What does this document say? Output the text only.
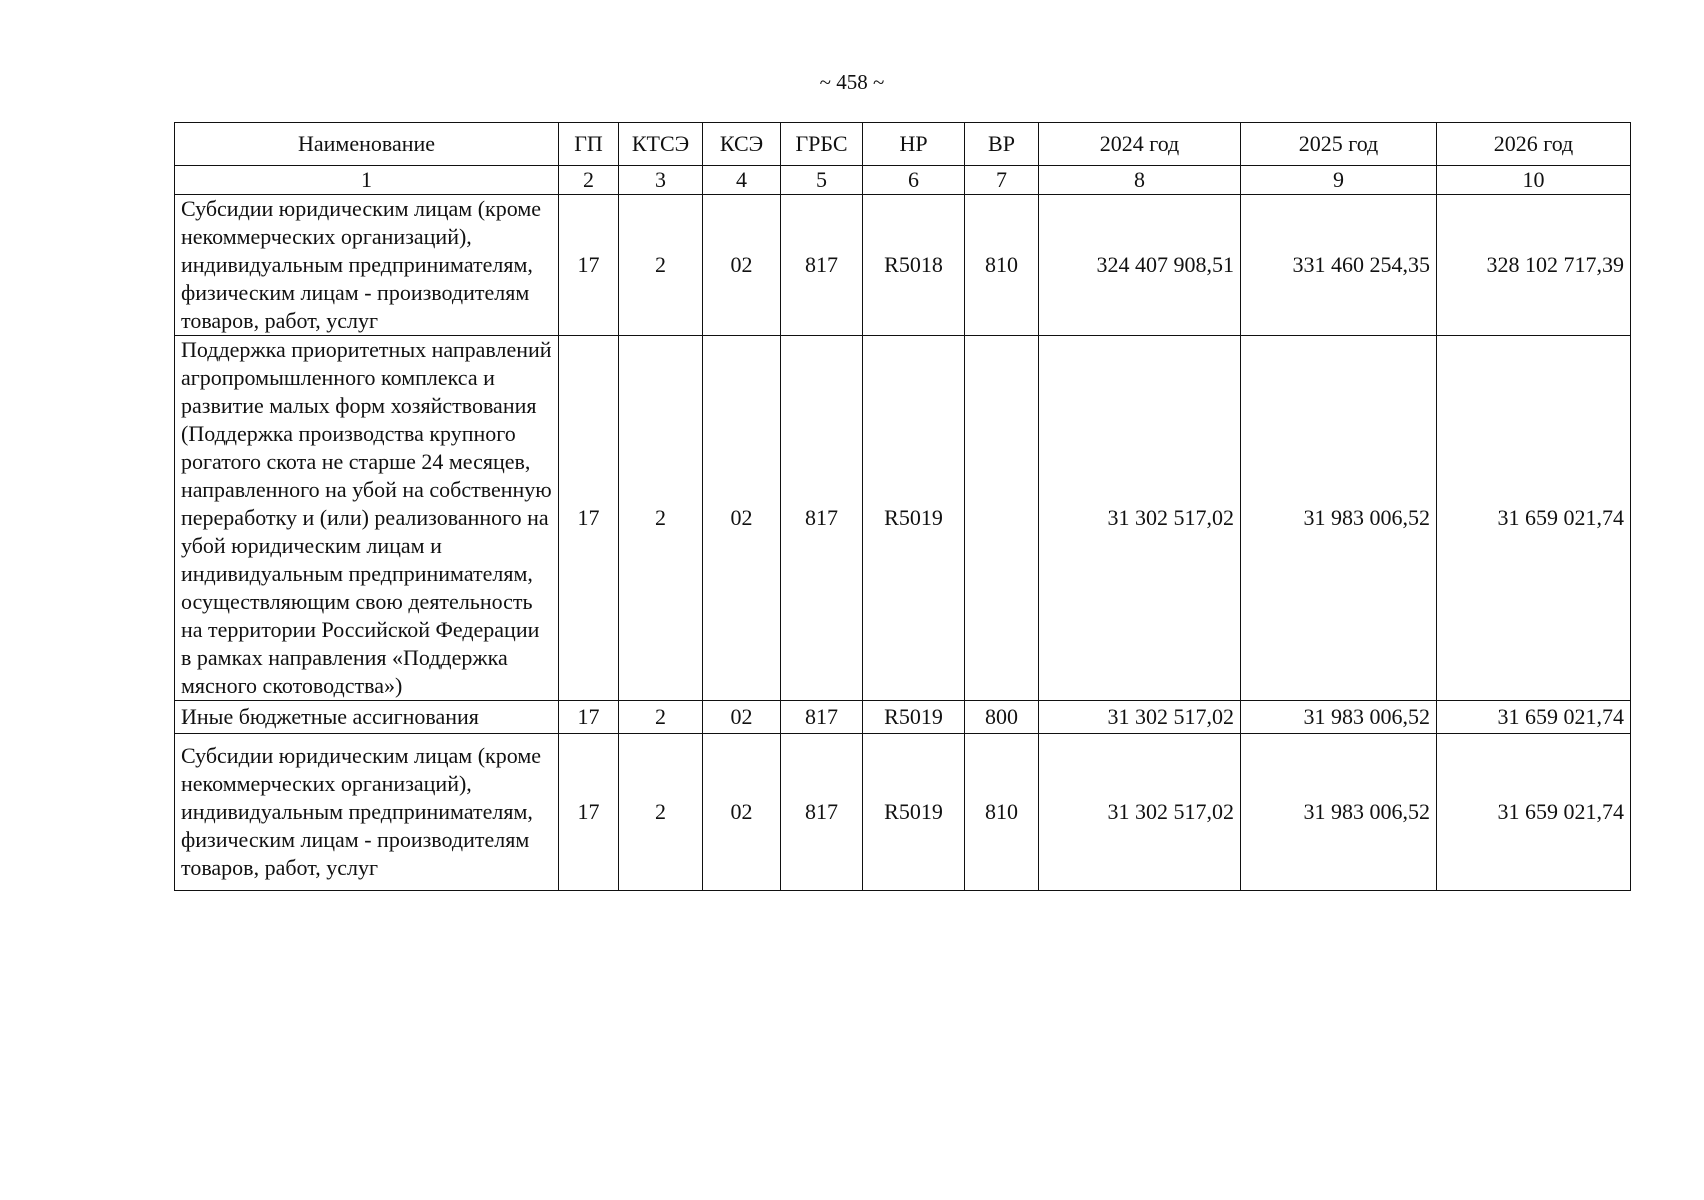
~ 458 ~
Наименование	ГП	КТСЭ	КСЭ	ГРБС	НР	ВР	2024 год	2025 год	2026 год
1	2	3	4	5	6	7	8	9	10
Субсидии юридическим лицам (кроме некоммерческих организаций), индивидуальным предпринимателям, физическим лицам - производителям товаров, работ, услуг	17	2	02	817	R5018	810	324 407 908,51	331 460 254,35	328 102 717,39
Поддержка приоритетных направлений агропромышленного комплекса и развитие малых форм хозяйствования (Поддержка производства крупного рогатого скота не старше 24 месяцев, направленного на убой на собственную переработку и (или) реализованного на убой юридическим лицам и индивидуальным предпринимателям, осуществляющим свою деятельность на территории Российской Федерации в рамках направления «Поддержка мясного скотоводства»)	17	2	02	817	R5019		31 302 517,02	31 983 006,52	31 659 021,74
Иные бюджетные ассигнования	17	2	02	817	R5019	800	31 302 517,02	31 983 006,52	31 659 021,74
Субсидии юридическим лицам (кроме некоммерческих организаций), индивидуальным предпринимателям, физическим лицам - производителям товаров, работ, услуг	17	2	02	817	R5019	810	31 302 517,02	31 983 006,52	31 659 021,74
